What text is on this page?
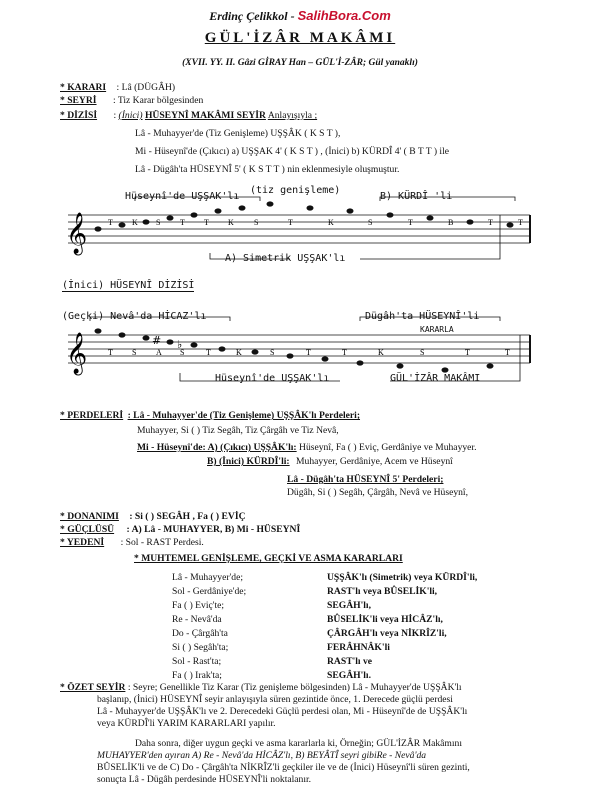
Erdinç Çelikkol - SalihBora.Com
GÜL'İZÂR MAKÂMI
(XVII. YY. II. Gâzi GİRAY Han – GÜL'İ-ZÂR; Gül yanaklı)
* KARARI : Lâ (DÜGÂH)
* SEYRİ : Tiz Karar bölgesinden
* DİZİSİ : (İnici) HÜSEYNÎ MAKÂMI SEYİR Anlayışıyla ;
Lâ - Muhayyer'de (Tiz Genişleme) UŞŞÂK ( K S T ),
Mi - Hüseynî'de (Çıkıcı) a) UŞŞAK 4' ( K S T ) , (İnici) b) KÜRDÎ 4' ( B T T ) ile
Lâ - Dügâh'ta HÜSEYNÎ 5' ( K S T T ) nin eklenmesiyle oluşmuştur.
𝄞	T K S T T K	S	T	K	S	T	B	T	T
Hüseynî'de UŞŞAK'lı
(tiz genişleme)
B) KÜRDÎ 'li
A) Simetrik UŞŞAK'lı
(İnici) HÜSEYNÎ DİZİSİ
𝄞	# ♭
T S A S	T	K	S	T	T	K	S	T	T
(Geçki) Nevâ'da HİCAZ'lı	Dügâh'ta HÜSEYNÎ'li
KARARLA
Hüseynî'de UŞŞAK'lı	GÜL'İZÂR MAKÂMI
* PERDELERİ : Lâ - Muhayyer'de (Tiz Genişleme) UŞŞÂK'lı Perdeleri;
Muhayyer, Si ( ) Tiz Segâh, Tiz Çârgâh ve Tiz Nevâ,
Mi - Hüseynî'de: A) (Çıkıcı) UŞŞÂK'lı: Hüseynî, Fa ( ) Eviç, Gerdâniye ve Muhayyer.
B) (İnici) KÜRDÎ'li: Muhayyer, Gerdâniye, Acem ve Hüseynî
Lâ - Dügâh'ta HÜSEYNÎ 5' Perdeleri;
Dügâh, Si ( ) Segâh, Çârgâh, Nevâ ve Hüseynî,
* DONANIMI : Si ( ) SEGÂH , Fa ( ) EVİÇ
* GÜÇLÜSÜ : A) Lâ - MUHAYYER, B) Mi - HÜSEYNÎ
* YEDENİ : Sol - RAST Perdesi.
* MUHTEMEL GENİŞLEME, GEÇKİ VE ASMA KARARLARI
Lâ - Muhayyer'de;	UŞŞÂK'lı (Simetrik) veya KÜRDÎ'li,
Sol - Gerdâniye'de;	RAST'lı veya BÛSELİK'li,
Fa ( ) Eviç'te;	SEGÂH'lı,
Re - Nevâ'da	BÛSELİK'li veya HİCÂZ'lı,
Do - Çârgâh'ta	ÇÂRGÂH'lı veya NİKRÎZ'li,
Si ( ) Segâh'ta;	FERÂHNÂK'li
Sol - Rast'ta;	RAST'lı ve
Fa ( ) Irak'ta;	SEGÂH'lı.
* ÖZET SEYİR : Seyre; Genellikle Tiz Karar (Tiz genişleme bölgesinden) Lâ - Muhayyer'de UŞŞÂK'lı
başlanıp, (İnici) HÜSEYNÎ seyir anlayışıyla süren gezintide önce, 1. Derecede güçlü perdesi
Lâ - Muhayyer'de UŞŞÂK'lı ve 2. Derecedeki Güçlü perdesi olan, Mi - Hüseynî'de de UŞŞÂK'lı
veya KÜRDÎ'li YARIM KARARLARI yapılır.
Daha sonra, diğer uygun geçki ve asma kararlarla ki, Örneğin; GÜL'İZÂR Makâmını
MUHAYYER'den ayıran A) Re - Nevâ'da HİCÂZ'lı, B) BEYÂTÎ seyri gibiRe - Nevâ'da
BÛSELİK'li ve de C) Do - Çârgâh'ta NİKRÎZ'li geçkiler ile ve de (İnici) Hüseynî'li süren gezinti,
sonuçta Lâ - Dügâh perdesinde HÜSEYNÎ'li noktalanır.
